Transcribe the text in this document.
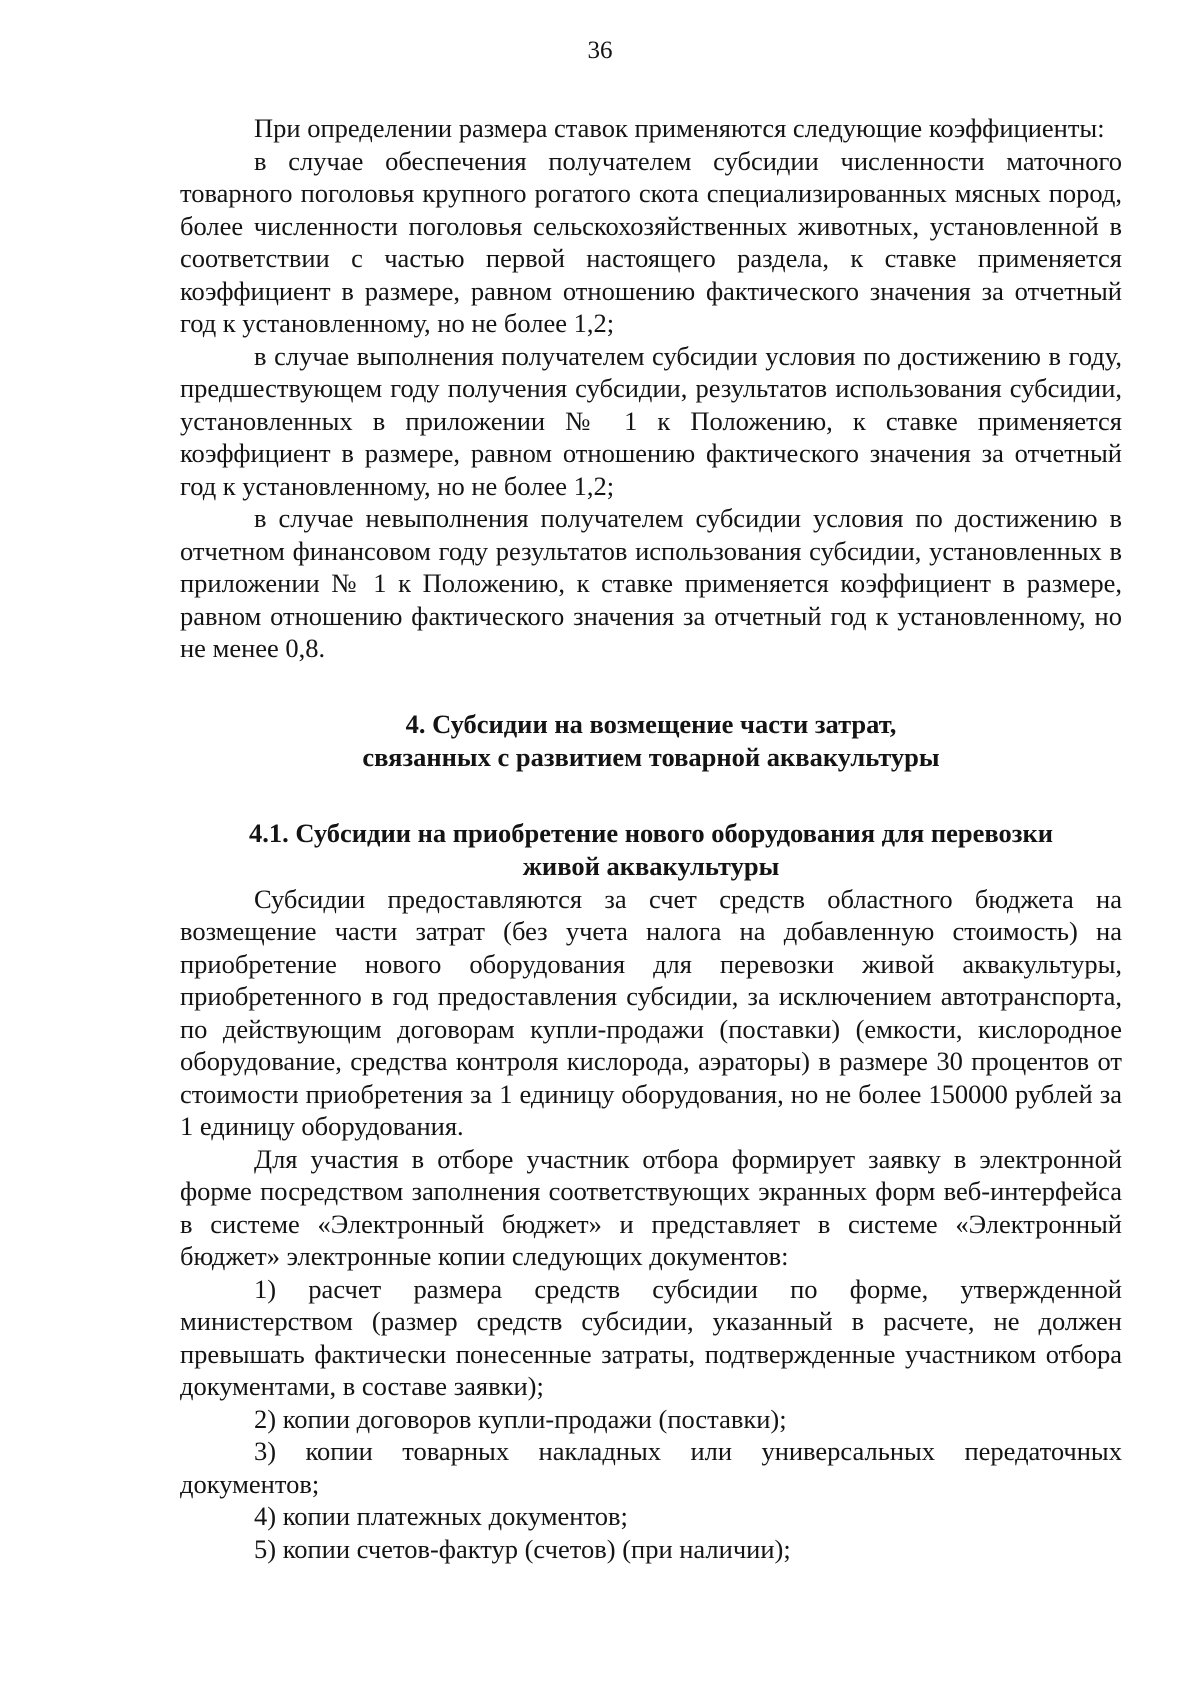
36

При определении размера ставок применяются следующие коэффициенты:

в случае обеспечения получателем субсидии численности маточного товарного поголовья крупного рогатого скота специализированных мясных пород, более численности поголовья сельскохозяйственных животных, установленной в соответствии с частью первой настоящего раздела, к ставке применяется коэффициент в размере, равном отношению фактического значения за отчетный год к установленному, но не более 1,2;

в случае выполнения получателем субсидии условия по достижению в году, предшествующем году получения субсидии, результатов использования субсидии, установленных в приложении № 1 к Положению, к ставке применяется коэффициент в размере, равном отношению фактического значения за отчетный год к установленному, но не более 1,2;

в случае невыполнения получателем субсидии условия по достижению в отчетном финансовом году результатов использования субсидии, установленных в приложении № 1 к Положению, к ставке применяется коэффициент в размере, равном отношению фактического значения за отчетный год к установленному, но не менее 0,8.

4. Субсидии на возмещение части затрат,

связанных с развитием товарной аквакультуры

4.1. Субсидии на приобретение нового оборудования для перевозки

живой аквакультуры

Субсидии предоставляются за счет средств областного бюджета на возмещение части затрат (без учета налога на добавленную стоимость) на приобретение нового оборудования для перевозки живой аквакультуры, приобретенного в год предоставления субсидии, за исключением автотранспорта, по действующим договорам купли-продажи (поставки) (емкости, кислородное оборудование, средства контроля кислорода, аэраторы) в размере 30 процентов от стоимости приобретения за 1 единицу оборудования, но не более 150000 рублей за 1 единицу оборудования.

Для участия в отборе участник отбора формирует заявку в электронной форме посредством заполнения соответствующих экранных форм веб-интерфейса в системе «Электронный бюджет» и представляет в системе «Электронный бюджет» электронные копии следующих документов:

1) расчет размера средств субсидии по форме, утвержденной министерством (размер средств субсидии, указанный в расчете, не должен превышать фактически понесенные затраты, подтвержденные участником отбора документами, в составе заявки);

2) копии договоров купли-продажи (поставки);

3) копии товарных накладных или универсальных передаточных документов;

4) копии платежных документов;

5) копии счетов-фактур (счетов) (при наличии);
